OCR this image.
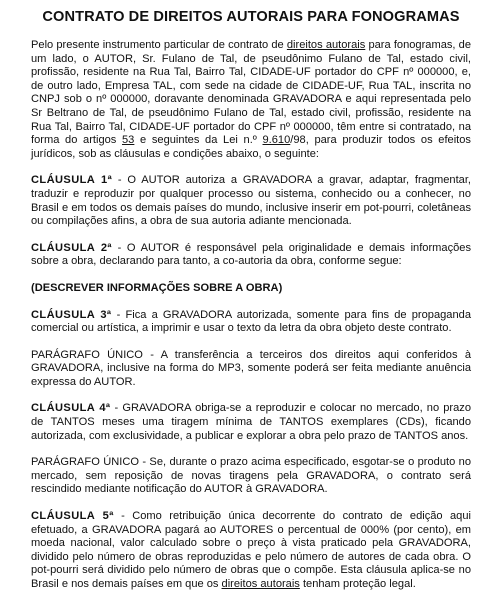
CONTRATO DE DIREITOS AUTORAIS PARA FONOGRAMAS

Pelo presente instrumento particular de contrato de direitos autorais para fonogramas, de um lado, o AUTOR, Sr. Fulano de Tal, de pseudônimo Fulano de Tal, estado civil, profissão, residente na Rua Tal, Bairro Tal, CIDADE-UF portador do CPF nº 000000, e, de outro lado, Empresa TAL, com sede na cidade de CIDADE-UF, Rua TAL, inscrita no CNPJ sob o nº 000000, doravante denominada GRAVADORA e aqui representada pelo Sr Beltrano de Tal, de pseudônimo Fulano de Tal, estado civil, profissão, residente na Rua Tal, Bairro Tal, CIDADE-UF portador do CPF nº 000000, têm entre si contratado, na forma do artigos 53 e seguintes da Lei n.º 9.610/98, para produzir todos os efeitos jurídicos, sob as cláusulas e condições abaixo, o seguinte:

CLÁUSULA 1ª - O AUTOR autoriza a GRAVADORA a gravar, adaptar, fragmentar, traduzir e reproduzir por qualquer processo ou sistema, conhecido ou a conhecer, no Brasil e em todos os demais países do mundo, inclusive inserir em pot-pourri, coletâneas ou compilações afins, a obra de sua autoria adiante mencionada.

CLÁUSULA 2ª - O AUTOR é responsável pela originalidade e demais informações sobre a obra, declarando para tanto, a co-autoria da obra, conforme segue:

(DESCREVER INFORMAÇÕES SOBRE A OBRA)

CLÁUSULA 3ª - Fica a GRAVADORA autorizada, somente para fins de propaganda comercial ou artística, a imprimir e usar o texto da letra da obra objeto deste contrato.

PARÁGRAFO ÚNICO - A transferência a terceiros dos direitos aqui conferidos à GRAVADORA, inclusive na forma do MP3, somente poderá ser feita mediante anuência expressa do AUTOR.

CLÁUSULA 4ª - GRAVADORA obriga-se a reproduzir e colocar no mercado, no prazo de TANTOS meses uma tiragem mínima de TANTOS exemplares (CDs), ficando autorizada, com exclusividade, a publicar e explorar a obra pelo prazo de TANTOS anos.

PARÁGRAFO ÚNICO - Se, durante o prazo acima especificado, esgotar-se o produto no mercado, sem reposição de novas tiragens pela GRAVADORA, o contrato será rescindido mediante notificação do AUTOR à GRAVADORA.

CLÁUSULA 5ª - Como retribuição única decorrente do contrato de edição aqui efetuado, a GRAVADORA pagará ao AUTORES o percentual de 000% (por cento), em moeda nacional, valor calculado sobre o preço à vista praticado pela GRAVADORA, dividido pelo número de obras reproduzidas e pelo número de autores de cada obra. O pot-pourri será dividido pelo número de obras que o compõe. Esta cláusula aplica-se no Brasil e nos demais países em que os direitos autorais tenham proteção legal.
